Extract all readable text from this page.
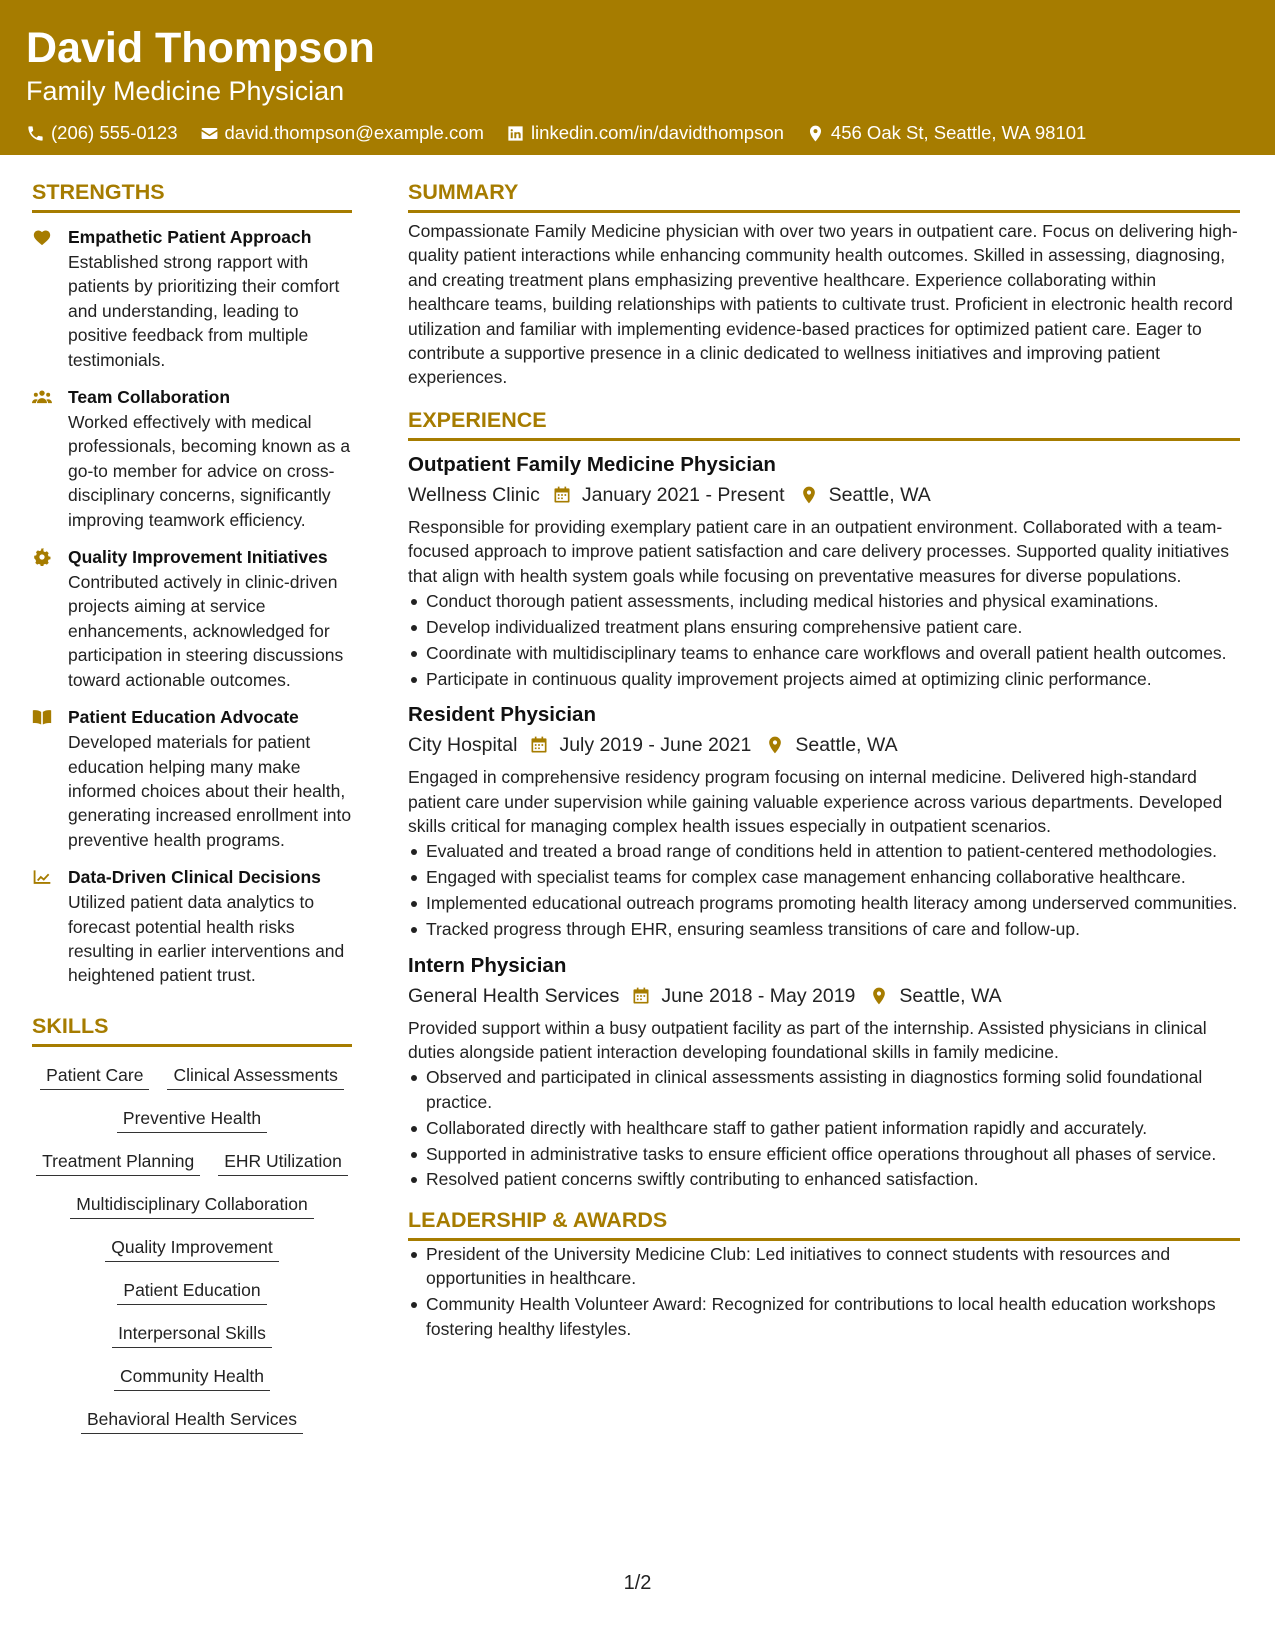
David Thompson
Family Medicine Physician
(206) 555-0123	david.thompson@example.com	linkedin.com/in/davidthompson	456 Oak St, Seattle, WA 98101
STRENGTHS
Empathetic Patient Approach
Established strong rapport with patients by prioritizing their comfort and understanding, leading to positive feedback from multiple testimonials.
Team Collaboration
Worked effectively with medical professionals, becoming known as a go-to member for advice on cross-disciplinary concerns, significantly improving teamwork efficiency.
Quality Improvement Initiatives
Contributed actively in clinic-driven projects aiming at service enhancements, acknowledged for participation in steering discussions toward actionable outcomes.
Patient Education Advocate
Developed materials for patient education helping many make informed choices about their health, generating increased enrollment into preventive health programs.
Data-Driven Clinical Decisions
Utilized patient data analytics to forecast potential health risks resulting in earlier interventions and heightened patient trust.
SKILLS
Patient Care	Clinical Assessments
Preventive Health
Treatment Planning	EHR Utilization
Multidisciplinary Collaboration
Quality Improvement
Patient Education
Interpersonal Skills
Community Health
Behavioral Health Services
SUMMARY
Compassionate Family Medicine physician with over two years in outpatient care. Focus on delivering high-quality patient interactions while enhancing community health outcomes. Skilled in assessing, diagnosing, and creating treatment plans emphasizing preventive healthcare. Experience collaborating within healthcare teams, building relationships with patients to cultivate trust. Proficient in electronic health record utilization and familiar with implementing evidence-based practices for optimized patient care. Eager to contribute a supportive presence in a clinic dedicated to wellness initiatives and improving patient experiences.
EXPERIENCE
Outpatient Family Medicine Physician
Wellness Clinic January 2021 - Present Seattle, WA
Responsible for providing exemplary patient care in an outpatient environment. Collaborated with a team-focused approach to improve patient satisfaction and care delivery processes. Supported quality initiatives that align with health system goals while focusing on preventative measures for diverse populations.
Conduct thorough patient assessments, including medical histories and physical examinations.
Develop individualized treatment plans ensuring comprehensive patient care.
Coordinate with multidisciplinary teams to enhance care workflows and overall patient health outcomes.
Participate in continuous quality improvement projects aimed at optimizing clinic performance.
Resident Physician
City Hospital July 2019 - June 2021 Seattle, WA
Engaged in comprehensive residency program focusing on internal medicine. Delivered high-standard patient care under supervision while gaining valuable experience across various departments. Developed skills critical for managing complex health issues especially in outpatient scenarios.
Evaluated and treated a broad range of conditions held in attention to patient-centered methodologies.
Engaged with specialist teams for complex case management enhancing collaborative healthcare.
Implemented educational outreach programs promoting health literacy among underserved communities.
Tracked progress through EHR, ensuring seamless transitions of care and follow-up.
Intern Physician
General Health Services June 2018 - May 2019 Seattle, WA
Provided support within a busy outpatient facility as part of the internship. Assisted physicians in clinical duties alongside patient interaction developing foundational skills in family medicine.
Observed and participated in clinical assessments assisting in diagnostics forming solid foundational practice.
Collaborated directly with healthcare staff to gather patient information rapidly and accurately.
Supported in administrative tasks to ensure efficient office operations throughout all phases of service.
Resolved patient concerns swiftly contributing to enhanced satisfaction.
LEADERSHIP & AWARDS
President of the University Medicine Club: Led initiatives to connect students with resources and opportunities in healthcare.
Community Health Volunteer Award: Recognized for contributions to local health education workshops fostering healthy lifestyles.
1/2
